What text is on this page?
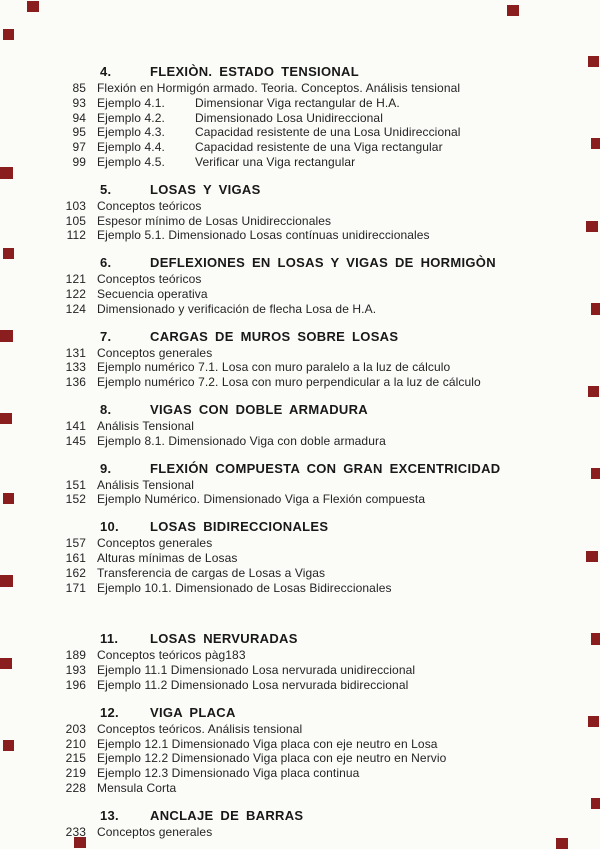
4.	FLEXIÒN. ESTADO TENSIONAL
85 Flexión en Hormigón armado. Teoria. Conceptos. Análisis tensional
93 Ejemplo 4.1.	Dimensionar Viga rectangular de H.A.
94 Ejemplo 4.2.	Dimensionado Losa Unidireccional
95 Ejemplo 4.3.	Capacidad resistente de una Losa Unidireccional
97 Ejemplo 4.4.	Capacidad resistente de una Viga rectangular
99 Ejemplo 4.5.	Verificar una Viga rectangular
5.	LOSAS Y VIGAS
103 Conceptos teóricos
105 Espesor mínimo de Losas Unidireccionales
112 Ejemplo 5.1. Dimensionado Losas contínuas unidireccionales
6.	DEFLEXIONES EN LOSAS Y VIGAS DE HORMIGÒN
121 Conceptos teóricos
122 Secuencia operativa
124 Dimensionado y verificación de flecha Losa de H.A.
7.	CARGAS DE MUROS SOBRE LOSAS
131 Conceptos generales
133 Ejemplo numérico 7.1. Losa con muro paralelo a la luz de cálculo
136 Ejemplo numérico 7.2. Losa con muro perpendicular a la luz de cálculo
8.	VIGAS CON DOBLE ARMADURA
141 Análisis Tensional
145 Ejemplo 8.1. Dimensionado Viga con doble armadura
9.	FLEXIÓN COMPUESTA CON GRAN EXCENTRICIDAD
151 Análisis Tensional
152 Ejemplo Numérico. Dimensionado Viga a Flexión compuesta
10. LOSAS BIDIRECCIONALES
157 Conceptos generales
161 Alturas mínimas de Losas
162 Transferencia de cargas de Losas a Vigas
171 Ejemplo 10.1. Dimensionado de Losas Bidireccionales
11. LOSAS NERVURADAS
189 Conceptos teóricos pàg183
193 Ejemplo 11.1 Dimensionado Losa nervurada unidireccional
196 Ejemplo 11.2 Dimensionado Losa nervurada bidireccional
12. VIGA PLACA
203 Conceptos teóricos. Análisis tensional
210 Ejemplo 12.1 Dimensionado Viga placa con eje neutro en Losa
215 Ejemplo 12.2 Dimensionado Viga placa con eje neutro en Nervio
219 Ejemplo 12.3 Dimensionado Viga placa continua
228 Mensula Corta
13. ANCLAJE DE BARRAS
233 Conceptos generales
